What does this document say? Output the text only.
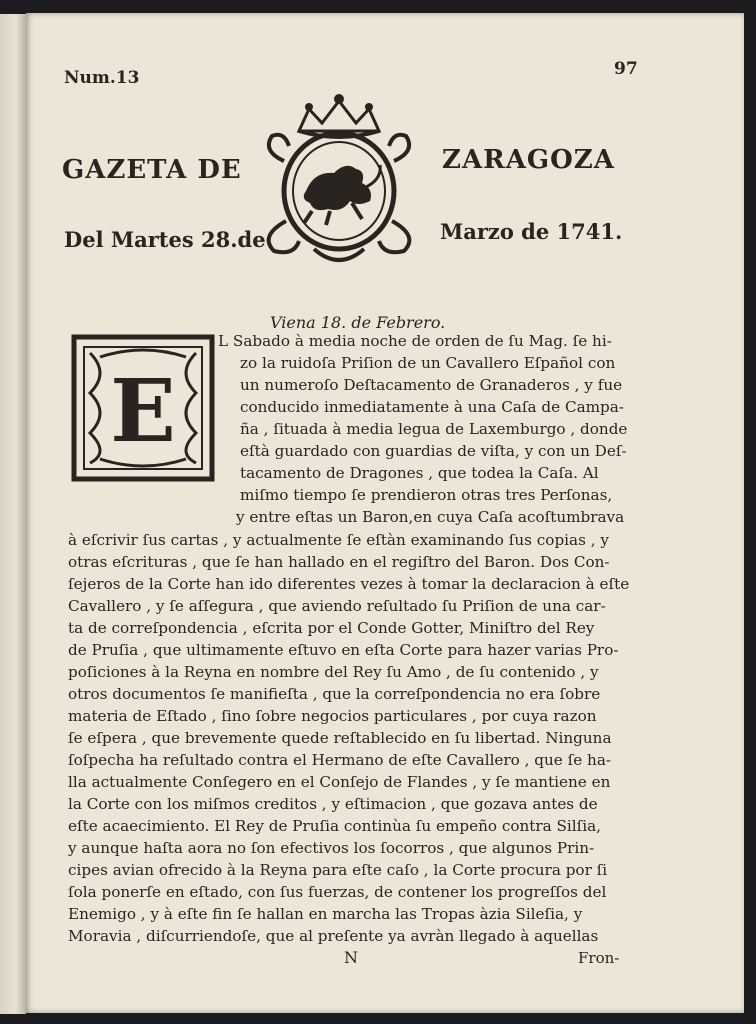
Num.13	97
GAZETA DE	ZARAGOZA
Del Martes 28.de	Marzo de 1741.
Viena 18. de Febrero.
E
L Sabado à media noche de orden de ſu Mag. ſe hi-
zo la ruidoſa Priſion de un Cavallero Eſpañol con
un numeroſo Deſtacamento de Granaderos , y fue
conducido inmediatamente à una Caſa de Campa-
ña , ſituada à media legua de Laxemburgo , donde
eſtà guardado con guardias de viſta, y con un Deſ-
tacamento de Dragones , que todea la Caſa. Al
miſmo tiempo ſe prendieron otras tres Perſonas,
y entre eſtas un Baron,en cuya Caſa acoſtumbrava
à eſcrivir ſus cartas , y actualmente ſe eſtàn examinando ſus copias , y
otras eſcrituras , que ſe han hallado en el regiſtro del Baron. Dos Con-
ſejeros de la Corte han ido diferentes vezes à tomar la declaracion à eſte
Cavallero , y ſe aſſegura , que aviendo reſultado ſu Priſion de una car-
ta de correſpondencia , eſcrita por el Conde Gotter, Miniſtro del Rey
de Pruſia , que ultimamente eſtuvo en eſta Corte para hazer varias Pro-
poſiciones à la Reyna en nombre del Rey ſu Amo , de ſu contenido , y
otros documentos ſe manifieſta , que la correſpondencia no era ſobre
materia de Eſtado , ſino ſobre negocios particulares , por cuya razon
ſe eſpera , que brevemente quede reſtablecido en ſu libertad. Ninguna
ſoſpecha ha reſultado contra el Hermano de eſte Cavallero , que ſe ha-
lla actualmente Conſegero en el Conſejo de Flandes , y ſe mantiene en
la Corte con los miſmos creditos , y eſtimacion , que gozava antes de
eſte acaecimiento. El Rey de Pruſia continùa ſu empeño contra Silſia,
y aunque haſta aora no ſon efectivos los ſocorros , que algunos Prin-
cipes avian ofrecido à la Reyna para eſte caſo , la Corte procura por ſi
ſola ponerſe en eſtado, con ſus fuerzas, de contener los progreſſos del
Enemigo , y à eſte fin ſe hallan en marcha las Tropas àzia Sileſia, y
Moravia , diſcurriendoſe, que al preſente ya avràn llegado à aquellas
N	Fron-
